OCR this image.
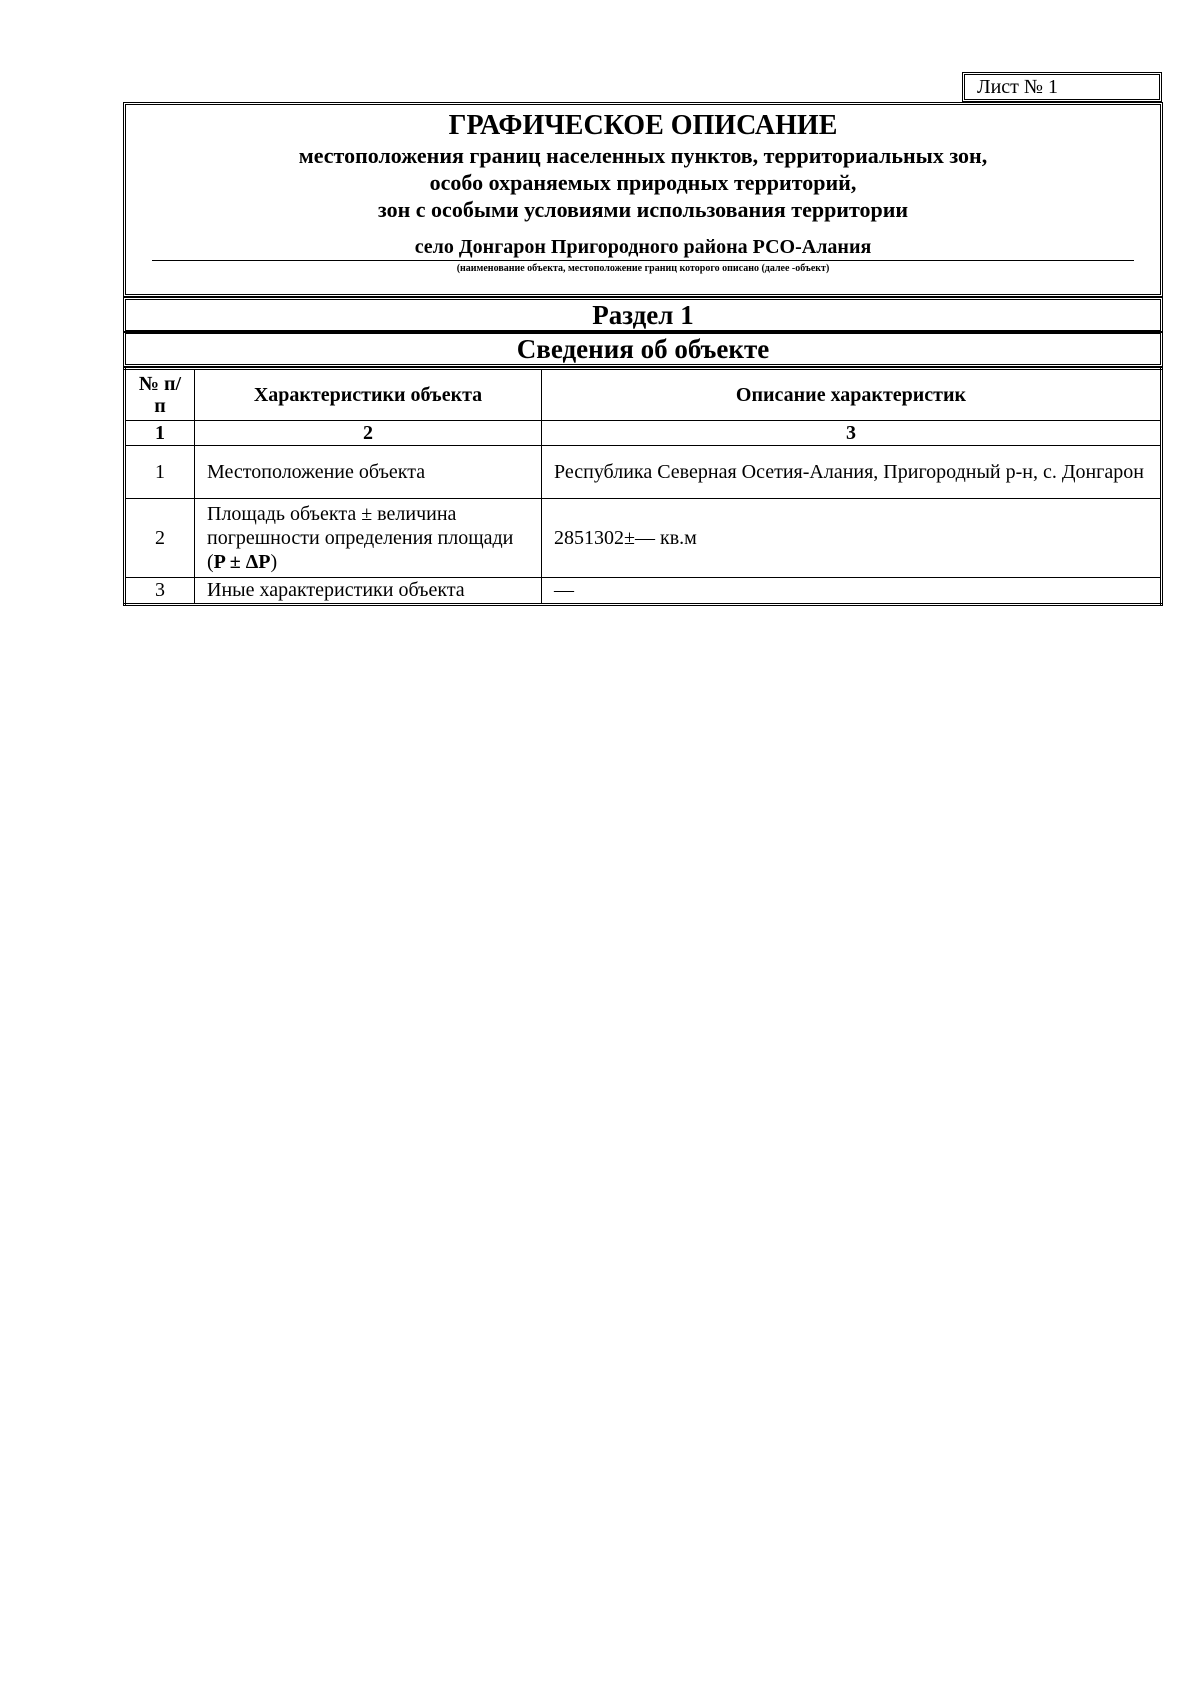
Лист № 1
ГРАФИЧЕСКОЕ ОПИСАНИЕ
местоположения границ населенных пунктов, территориальных зон,
особо охраняемых природных территорий,
зон с особыми условиями использования территории
село Донгарон Пригородного района РСО-Алания
(наименование объекта, местоположение границ которого описано (далее -объект)
Раздел 1
Сведения об объекте
№ п/п	Характеристики объекта	Описание характеристик
1	2	3
1	Местоположение объекта	Республика Северная Осетия-Алания, Пригородный р-н, с. Донгарон
2	Площадь объекта ± величина погрешности определения площади (P ± ΔP)	2851302±— кв.м
3	Иные характеристики объекта	—
